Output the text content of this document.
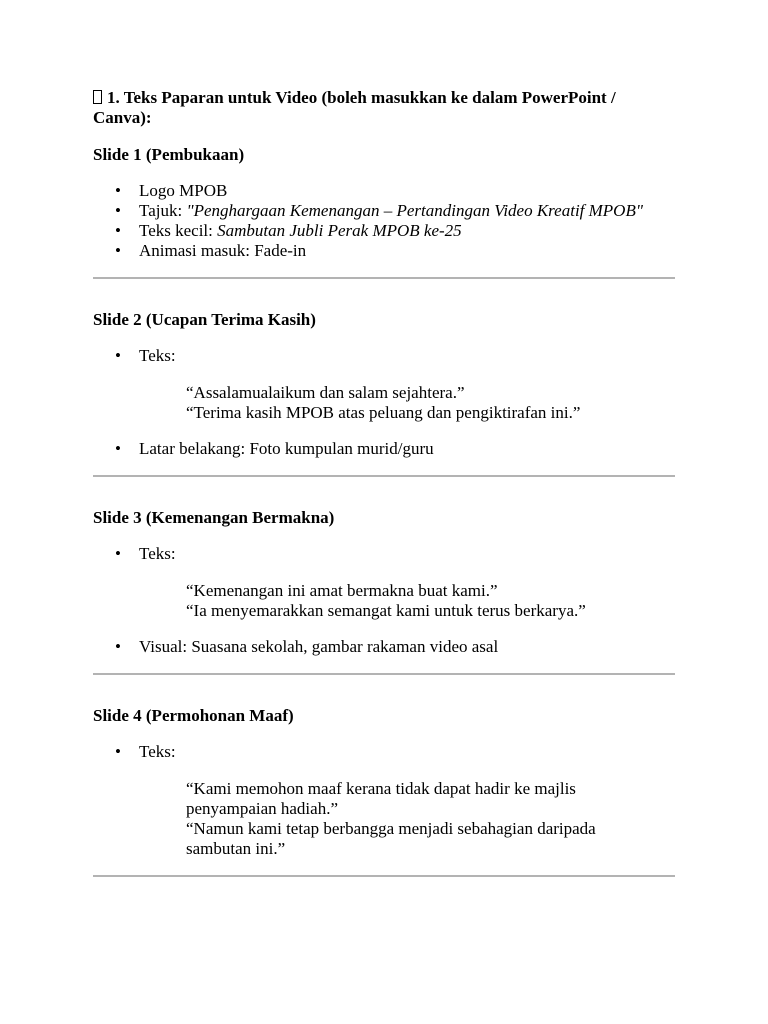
1. Teks Paparan untuk Video (boleh masukkan ke dalam PowerPoint / Canva):

Slide 1 (Pembukaan)

• Logo MPOB
• Tajuk: "Penghargaan Kemenangan – Pertandingan Video Kreatif MPOB"
• Teks kecil: Sambutan Jubli Perak MPOB ke-25
• Animasi masuk: Fade-in

Slide 2 (Ucapan Terima Kasih)

• Teks:

“Assalamualaikum dan salam sejahtera.”

“Terima kasih MPOB atas peluang dan pengiktirafan ini.”

• Latar belakang: Foto kumpulan murid/guru

Slide 3 (Kemenangan Bermakna)

• Teks:

“Kemenangan ini amat bermakna buat kami.”

“Ia menyemarakkan semangat kami untuk terus berkarya.”

• Visual: Suasana sekolah, gambar rakaman video asal

Slide 4 (Permohonan Maaf)

• Teks:

“Kami memohon maaf kerana tidak dapat hadir ke majlis penyampaian hadiah.”

“Namun kami tetap berbangga menjadi sebahagian daripada sambutan ini.”
